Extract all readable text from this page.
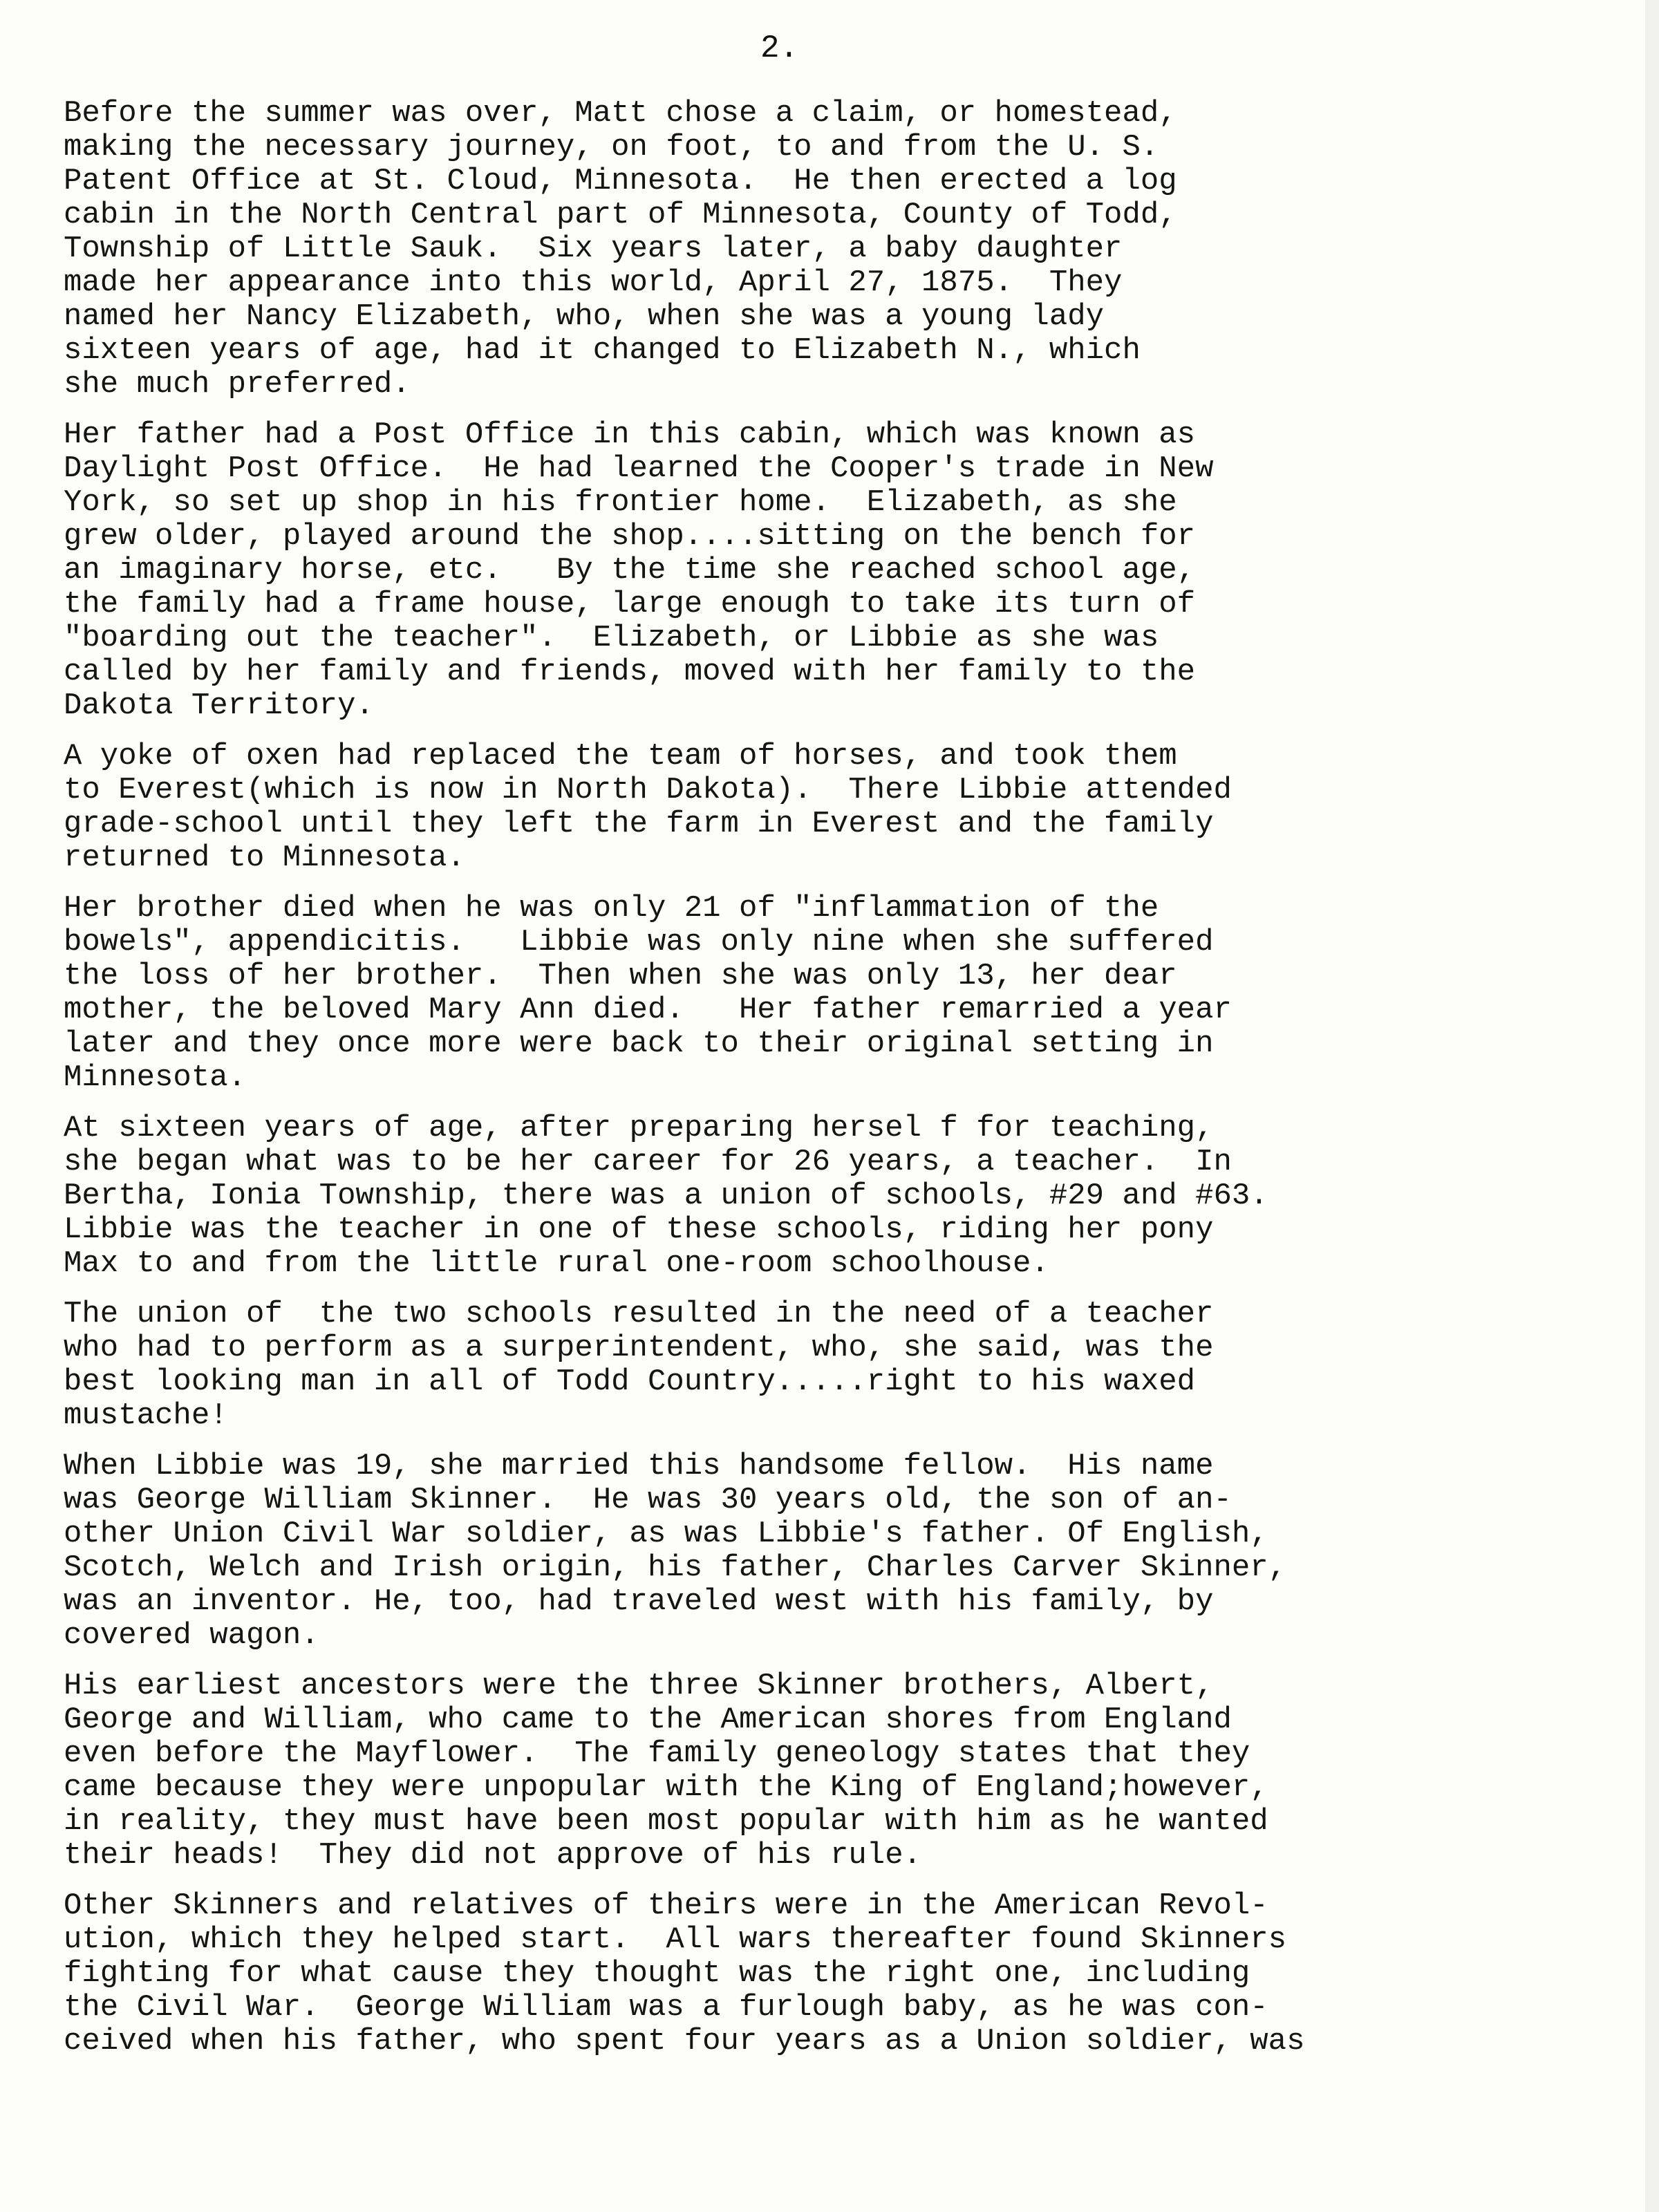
2.
Before the summer was over, Matt chose a claim, or homestead,
making the necessary journey, on foot, to and from the U. S.
Patent Office at St. Cloud, Minnesota.  He then erected a log
cabin in the North Central part of Minnesota, County of Todd,
Township of Little Sauk.  Six years later, a baby daughter
made her appearance into this world, April 27, 1875.  They
named her Nancy Elizabeth, who, when she was a young lady
sixteen years of age, had it changed to Elizabeth N., which
she much preferred.
Her father had a Post Office in this cabin, which was known as
Daylight Post Office.  He had learned the Cooper's trade in New
York, so set up shop in his frontier home.  Elizabeth, as she
grew older, played around the shop....sitting on the bench for
an imaginary horse, etc.   By the time she reached school age,
the family had a frame house, large enough to take its turn of
"boarding out the teacher".  Elizabeth, or Libbie as she was
called by her family and friends, moved with her family to the
Dakota Territory.
A yoke of oxen had replaced the team of horses, and took them
to Everest(which is now in North Dakota).  There Libbie attended
grade-school until they left the farm in Everest and the family
returned to Minnesota.
Her brother died when he was only 21 of "inflammation of the
bowels", appendicitis.   Libbie was only nine when she suffered
the loss of her brother.  Then when she was only 13, her dear
mother, the beloved Mary Ann died.   Her father remarried a year
later and they once more were back to their original setting in
Minnesota.
At sixteen years of age, after preparing hersel f for teaching,
she began what was to be her career for 26 years, a teacher.  In
Bertha, Ionia Township, there was a union of schools, #29 and #63.
Libbie was the teacher in one of these schools, riding her pony
Max to and from the little rural one-room schoolhouse.
The union of  the two schools resulted in the need of a teacher
who had to perform as a surperintendent, who, she said, was the
best looking man in all of Todd Country.....right to his waxed
mustache!
When Libbie was 19, she married this handsome fellow.  His name
was George William Skinner.  He was 30 years old, the son of an-
other Union Civil War soldier, as was Libbie's father. Of English,
Scotch, Welch and Irish origin, his father, Charles Carver Skinner,
was an inventor. He, too, had traveled west with his family, by
covered wagon.
His earliest ancestors were the three Skinner brothers, Albert,
George and William, who came to the American shores from England
even before the Mayflower.  The family geneology states that they
came because they were unpopular with the King of England;however,
in reality, they must have been most popular with him as he wanted
their heads!  They did not approve of his rule.
Other Skinners and relatives of theirs were in the American Revol-
ution, which they helped start.  All wars thereafter found Skinners
fighting for what cause they thought was the right one, including
the Civil War.  George William was a furlough baby, as he was con-
ceived when his father, who spent four years as a Union soldier, was
